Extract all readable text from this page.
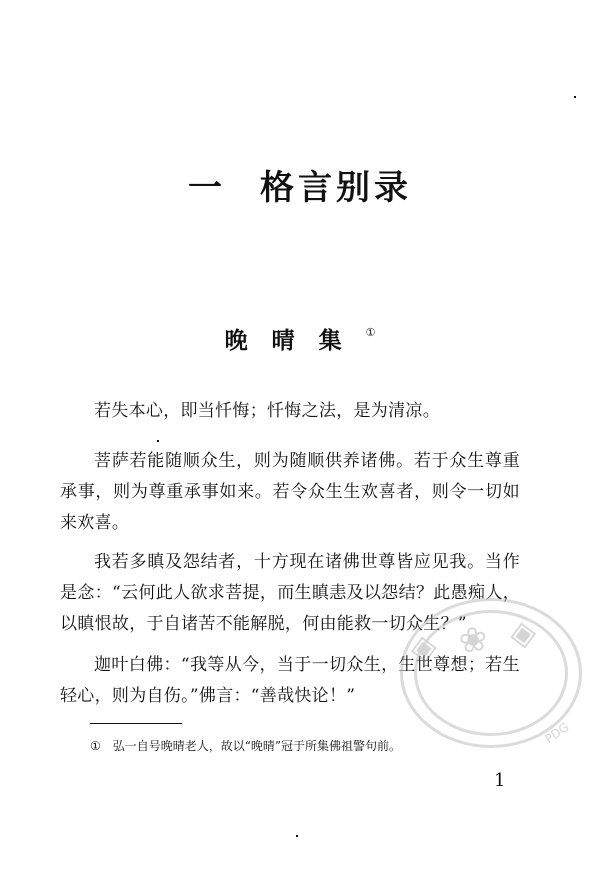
一 格言别录
晚晴集①

若失本心，即当忏悔；忏悔之法，是为清凉。

菩萨若能随顺众生，则为随顺供养诸佛。若于众生尊重承事，则为尊重承事如来。若令众生生欢喜者，则令一切如来欢喜。

我若多瞋及怨结者，十方现在诸佛世尊皆应见我。当作是念：“云何此人欲求菩提，而生瞋恚及以怨结？此愚痴人，以瞋恨故，于自诸苦不能解脱，何由能救一切众生？”

迦叶白佛：“我等从今，当于一切众生，生世尊想；若生轻心，则为自伤。”佛言：“善哉快论！”

① 弘一自号晚晴老人，故以“晚晴”冠于所集佛祖警句前。
1
◈ ❀ ◈
PDG
